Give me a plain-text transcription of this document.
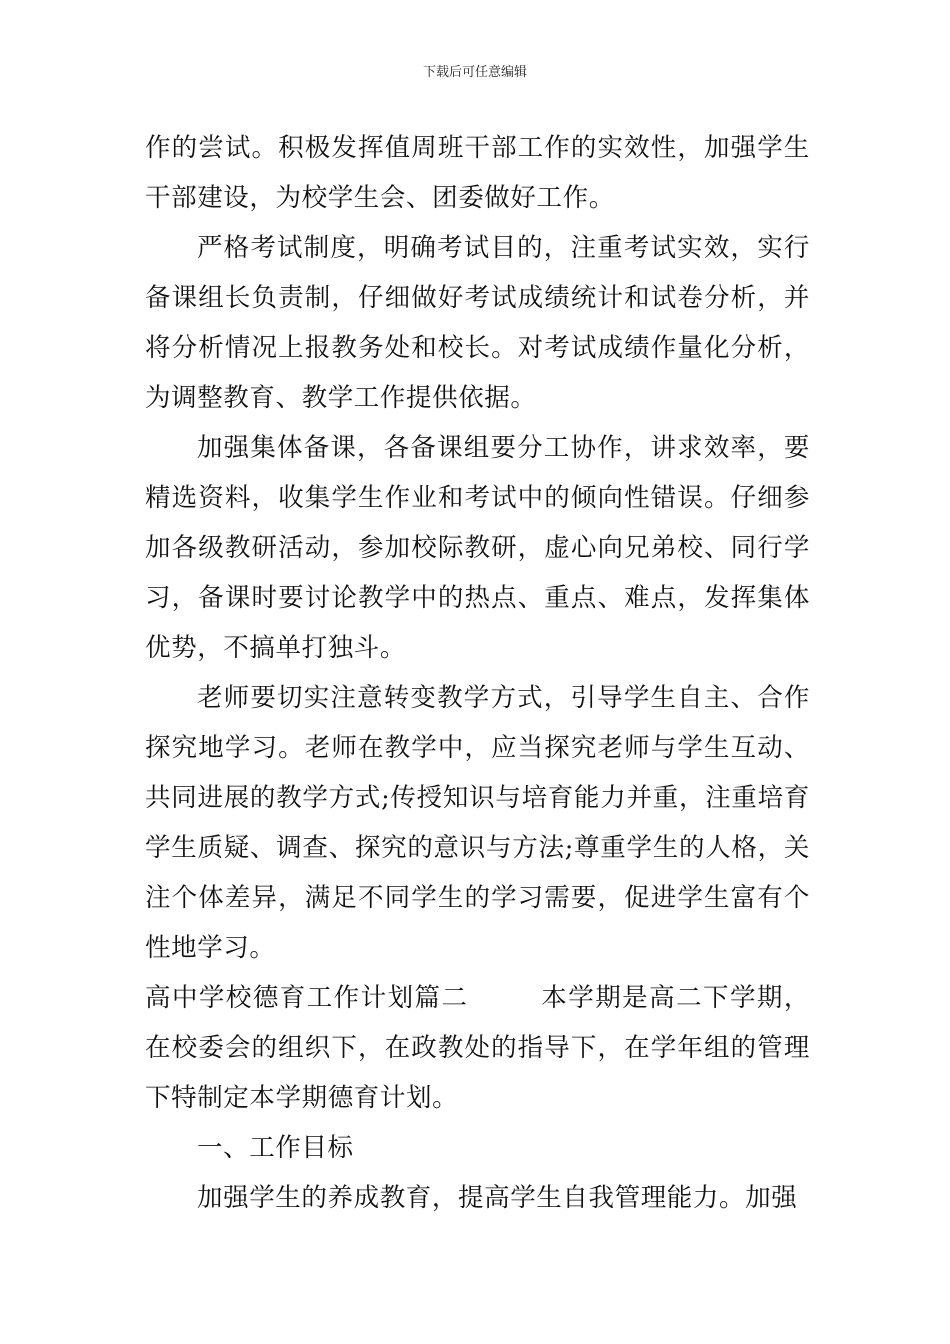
下载后可任意编辑

作的尝试。积极发挥值周班干部工作的实效性，加强学生干部建设，为校学生会、团委做好工作。

严格考试制度，明确考试目的，注重考试实效，实行备课组长负责制，仔细做好考试成绩统计和试卷分析，并将分析情况上报教务处和校长。对考试成绩作量化分析，为调整教育、教学工作提供依据。

加强集体备课，各备课组要分工协作，讲求效率，要精选资料，收集学生作业和考试中的倾向性错误。仔细参加各级教研活动，参加校际教研，虚心向兄弟校、同行学习，备课时要讨论教学中的热点、重点、难点，发挥集体优势，不搞单打独斗。

老师要切实注意转变教学方式，引导学生自主、合作探究地学习。老师在教学中，应当探究老师与学生互动、共同进展的教学方式;传授知识与培育能力并重，注重培育学生质疑、调查、探究的意识与方法;尊重学生的人格，关注个体差异，满足不同学生的学习需要，促进学生富有个性地学习。

高中学校德育工作计划篇二	本学期是高二下学期，在校委会的组织下，在政教处的指导下，在学年组的管理下特制定本学期德育计划。

一、工作目标

加强学生的养成教育，提高学生自我管理能力。加强
